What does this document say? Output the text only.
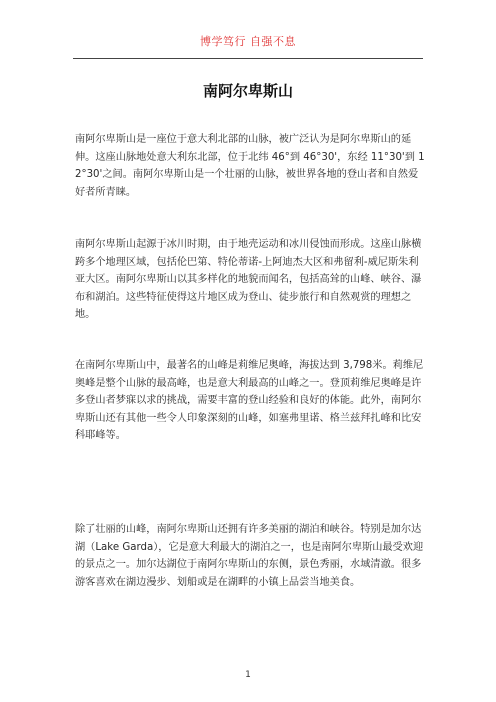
博学笃行 自强不息
南阿尔卑斯山
南阿尔卑斯山是一座位于意大利北部的山脉，被广泛认为是阿尔卑斯山的延伸。这座山脉地处意大利东北部，位于北纬 46°到 46°30'，东经 11°30'到 12°30'之间。南阿尔卑斯山是一个壮丽的山脉，被世界各地的登山者和自然爱好者所青睐。
南阿尔卑斯山起源于冰川时期，由于地壳运动和冰川侵蚀而形成。这座山脉横跨多个地理区域，包括伦巴第、特伦蒂诺-上阿迪杰大区和弗留利-威尼斯朱利亚大区。南阿尔卑斯山以其多样化的地貌而闻名，包括高耸的山峰、峡谷、瀑布和湖泊。这些特征使得这片地区成为登山、徒步旅行和自然观赏的理想之地。
在南阿尔卑斯山中，最著名的山峰是莉维尼奥峰，海拔达到 3,798米。莉维尼奥峰是整个山脉的最高峰，也是意大利最高的山峰之一。登顶莉维尼奥峰是许多登山者梦寐以求的挑战，需要丰富的登山经验和良好的体能。此外，南阿尔卑斯山还有其他一些令人印象深刻的山峰，如塞弗里诺、格兰兹拜扎峰和比安科耶峰等。
除了壮丽的山峰，南阿尔卑斯山还拥有许多美丽的湖泊和峡谷。特别是加尔达湖（Lake Garda），它是意大利最大的湖泊之一，也是南阿尔卑斯山最受欢迎的景点之一。加尔达湖位于南阿尔卑斯山的东侧，景色秀丽，水域清澈。很多游客喜欢在湖边漫步、划船或是在湖畔的小镇上品尝当地美食。
1
